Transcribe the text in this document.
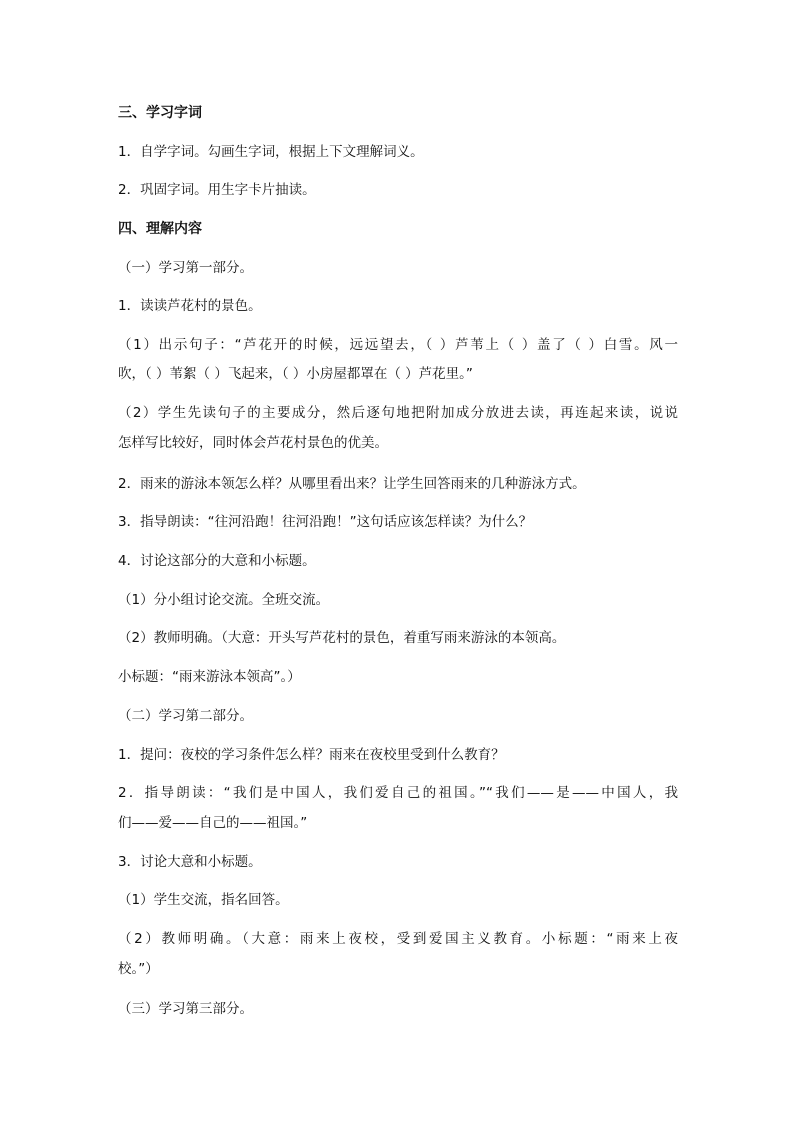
三、学习字词
1．自学字词。勾画生字词，根据上下文理解词义。
2．巩固字词。用生字卡片抽读。
四、理解内容
（一）学习第一部分。
1．读读芦花村的景色。
（1）出示句子：“芦花开的时候，远远望去，（ ）芦苇上（ ）盖了（ ）白雪。风一
吹，（ ）苇絮（ ）飞起来，（ ）小房屋都罩在（ ）芦花里。”
（2）学生先读句子的主要成分，然后逐句地把附加成分放进去读，再连起来读，说说
怎样写比较好，同时体会芦花村景色的优美。
2．雨来的游泳本领怎么样？从哪里看出来？让学生回答雨来的几种游泳方式。
3．指导朗读：“往河沿跑！往河沿跑！”这句话应该怎样读？为什么？
4．讨论这部分的大意和小标题。
（1）分小组讨论交流。全班交流。
（2）教师明确。（大意：开头写芦花村的景色，着重写雨来游泳的本领高。
小标题：“雨来游泳本领高”。）
（二）学习第二部分。
1．提问：夜校的学习条件怎么样？雨来在夜校里受到什么教育？
2．指导朗读：“我们是中国人，我们爱自己的祖国。”“我们——是——中国人，我
们——爱——自己的——祖国。”
3．讨论大意和小标题。
（1）学生交流，指名回答。
（2）教师明确。（大意：雨来上夜校，受到爱国主义教育。小标题：“雨来上夜
校。”）
（三）学习第三部分。
